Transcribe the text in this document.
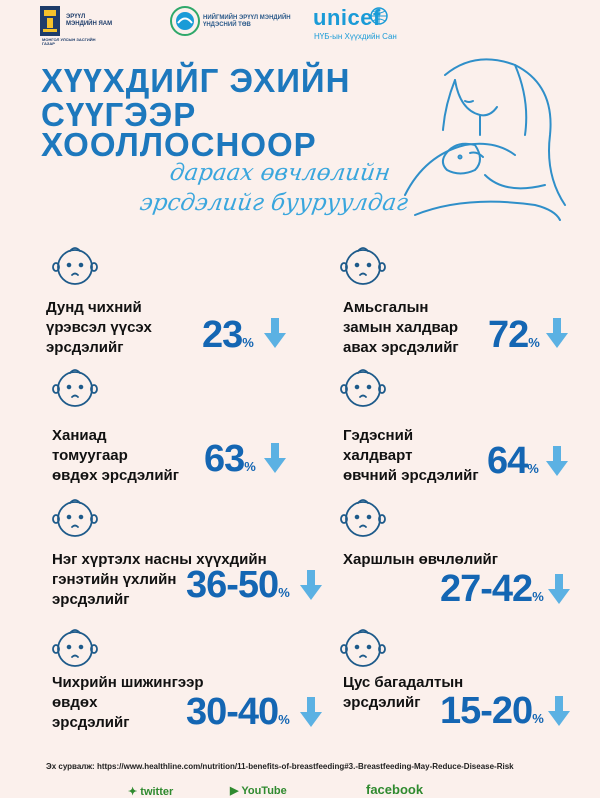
МОНГОЛ УЛСЫН ЗАСГИЙН ГАЗАР
ЭРҮҮЛ МЭНДИЙН ЯАМ
НИЙГМИЙН ЭРҮҮЛ МЭНДИЙН ҮНДЭСНИЙ ТӨВ	unicef
НҮБ-ын Хүүхдийн Сан
ХҮҮХДИЙГ ЭХИЙН
СҮҮГЭЭР
ХООЛЛОСНООР
дараах өвчлөлийн
эрсдэлийг бууруулдаг
Дунд чихний
үрэвсэл үүсэх
эрсдэлийг	23%
Амьсгалын
замын халдвар
авах эрсдэлийг 72%
Ханиад
томуугаар
өвдөх эрсдэлийг 63%
Гэдэсний
халдварт
өвчний эрсдэлийг 64%
Нэг хүртэлх насны хүүхдийн
гэнэтийн үхлийн
эрсдэлийг	36-50%
Харшлын өвчлөлийг
27-42%
Чихрийн шижингээр
өвдөх
эрсдэлийг	30-40%
Цус багадалтын
эрсдэлийг 15-20%
Эх сурвалж: https://www.healthline.com/nutrition/11-benefits-of-breastfeeding#3.-Breastfeeding-May-Reduce-Disease-Risk
✦ twitter	▶ YouTube	facebook
